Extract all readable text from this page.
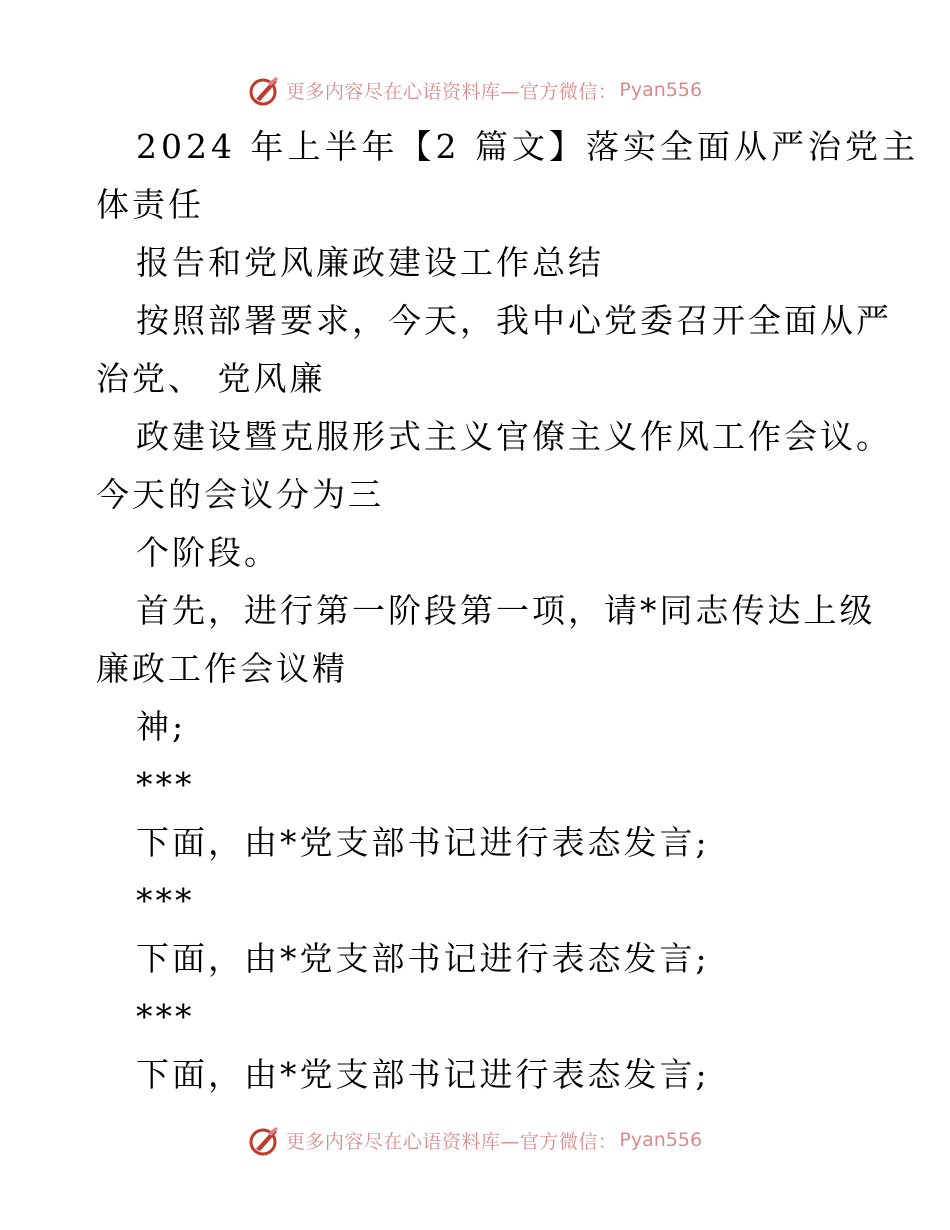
更多内容尽在心语资料库—官方微信： Pyan556
2024 年上半年【2 篇文】落实全面从严治党主
体责任
报告和党风廉政建设工作总结
按照部署要求，今天，我中心党委召开全面从严
治党、 党风廉
政建设暨克服形式主义官僚主义作风工作会议。
今天的会议分为三
个阶段。
首先，进行第一阶段第一项，请*同志传达上级
廉政工作会议精
神;
***
下面，由*党支部书记进行表态发言;
***
下面，由*党支部书记进行表态发言;
***
下面，由*党支部书记进行表态发言;
更多内容尽在心语资料库—官方微信： Pyan556
